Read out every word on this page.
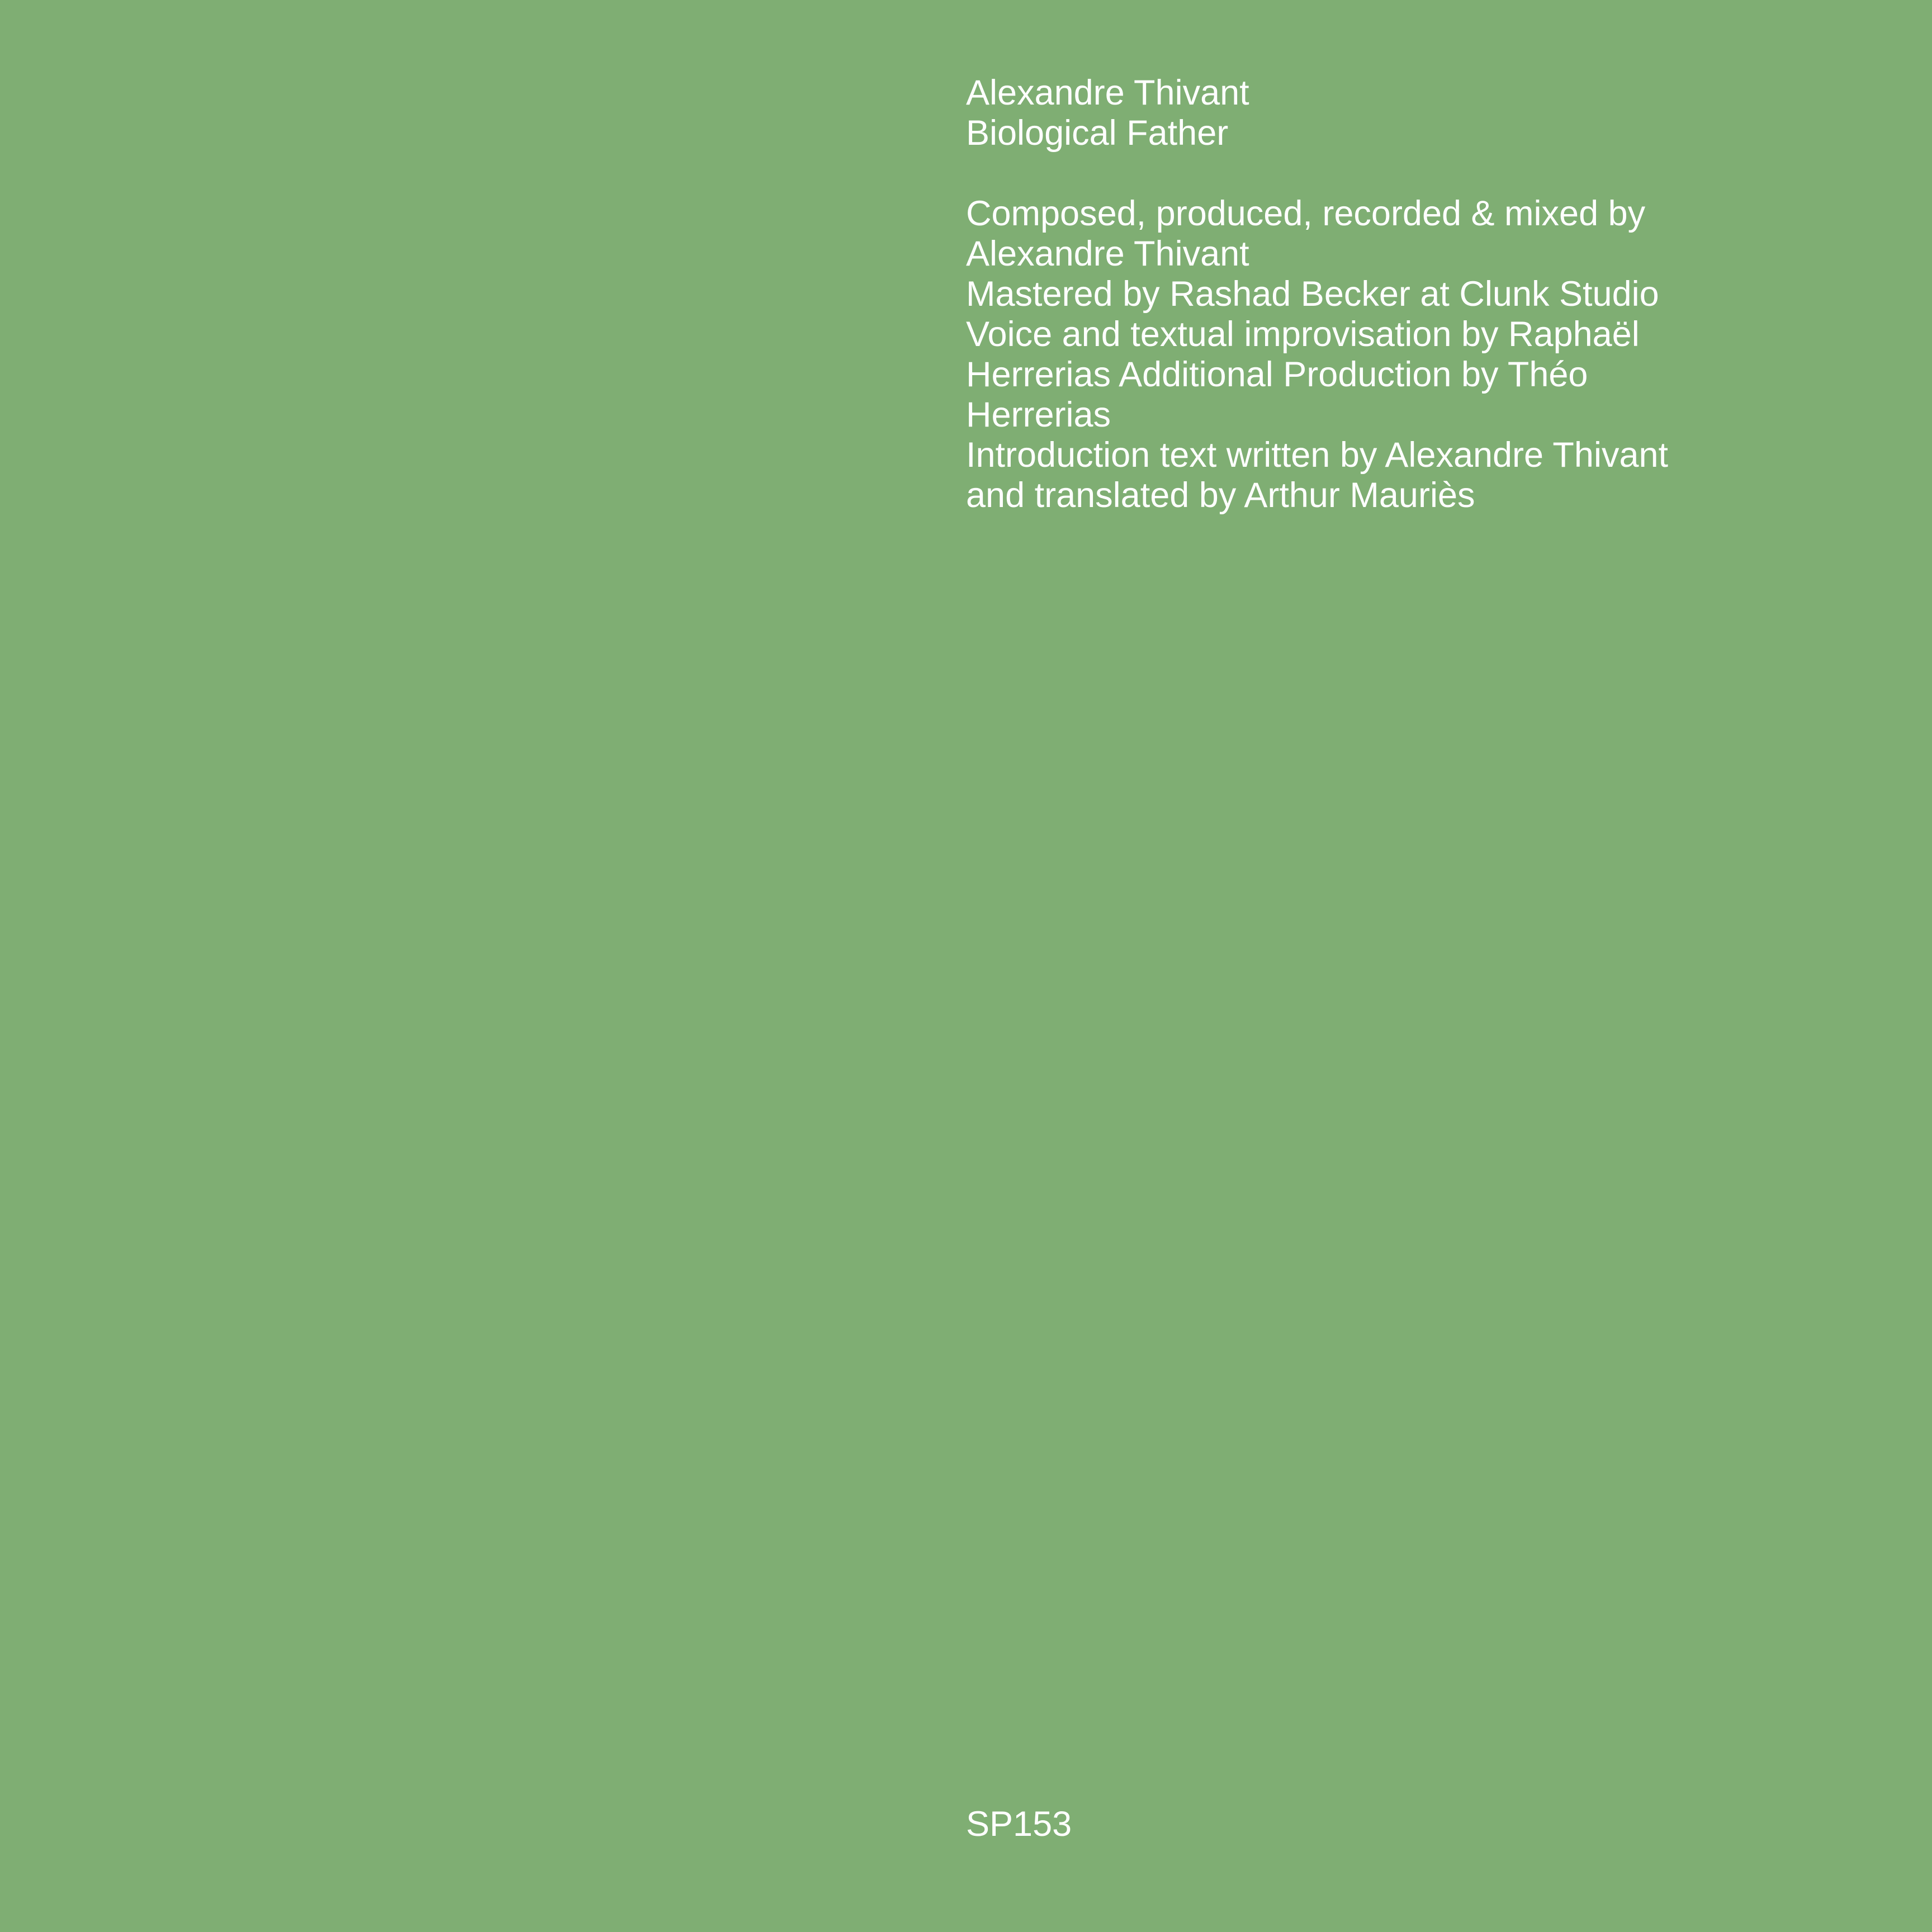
Alexandre Thivant
Biological Father
Composed, produced, recorded & mixed by
Alexandre Thivant
Mastered by Rashad Becker at Clunk Studio
Voice and textual improvisation by Raphaël
Herrerias Additional Production by Théo
Herrerias
Introduction text written by Alexandre Thivant
and translated by Arthur Mauriès
SP153
